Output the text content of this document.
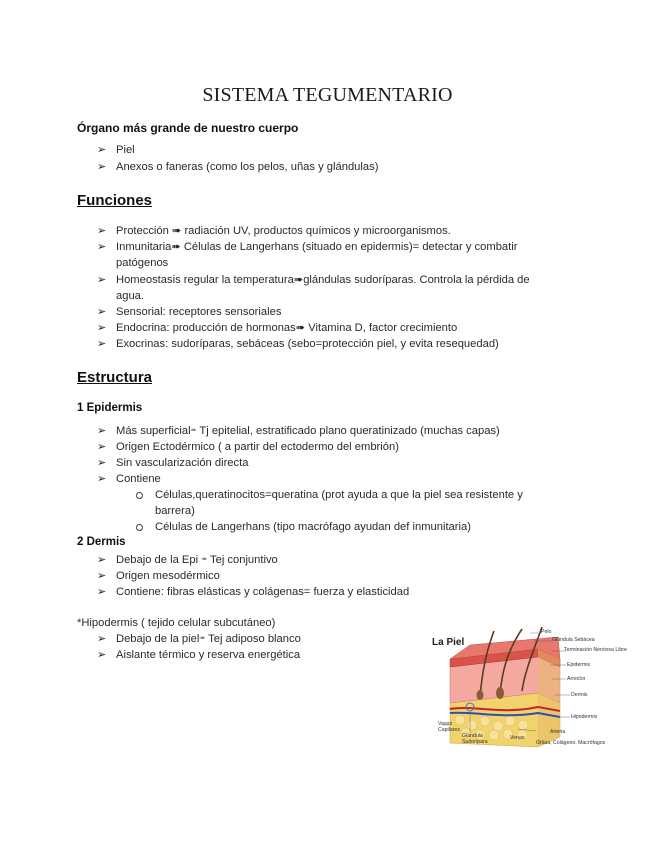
SISTEMA TEGUMENTARIO
Órgano más grande de nuestro cuerpo
➢ Piel
➢ Anexos o faneras (como los pelos, uñas y glándulas)
Funciones
➢ Protección ➠ radiación UV, productos químicos y microorganismos.
➢ Inmunitaria➠ Células de Langerhans (situado en epidermis)= detectar y combatir
patógenos
➢ Homeostasis regular la temperatura➠glándulas sudoríparas. Controla la pérdida de
agua.
➢ Sensorial: receptores sensoriales
➢ Endocrina: producción de hormonas➠ Vitamina D, factor crecimiento
➢ Exocrinas: sudoríparas, sebáceas (sebo=protección piel, y evita resequedad)
Estructura
1 Epidermis
➢ Más superficial➠ Tj epitelial, estratificado plano queratinizado (muchas capas)
➢ Origen Ectodérmico ( a partir del ectodermo del embrión)
➢ Sin vascularización directa
➢ Contiene
Células,queratinocitos=queratina (prot ayuda a que la piel sea resistente y
barrera)
Células de Langerhans (tipo macrófago ayudan def inmunitaria)
2 Dermis
➢ Debajo de la Epi ➠ Tej conjuntivo
➢ Origen mesodérmico
➢ Contiene: fibras elásticas y colágenas= fuerza y elasticidad
*Hipodermis ( tejido celular subcutáneo)
➢ Debajo de la piel➠ Tej adiposo blanco
➢ Aislante térmico y reserva energética
La Piel
Pelo
Glándula Sebácea
Terminación Nerviosa Libre
Epidermis
Arrector
Dermis
Hipodermis
Vasos Capilares
Glándula Sudorípara
Arteria
Venas
Grasa, Colágeno, Macrófagos
